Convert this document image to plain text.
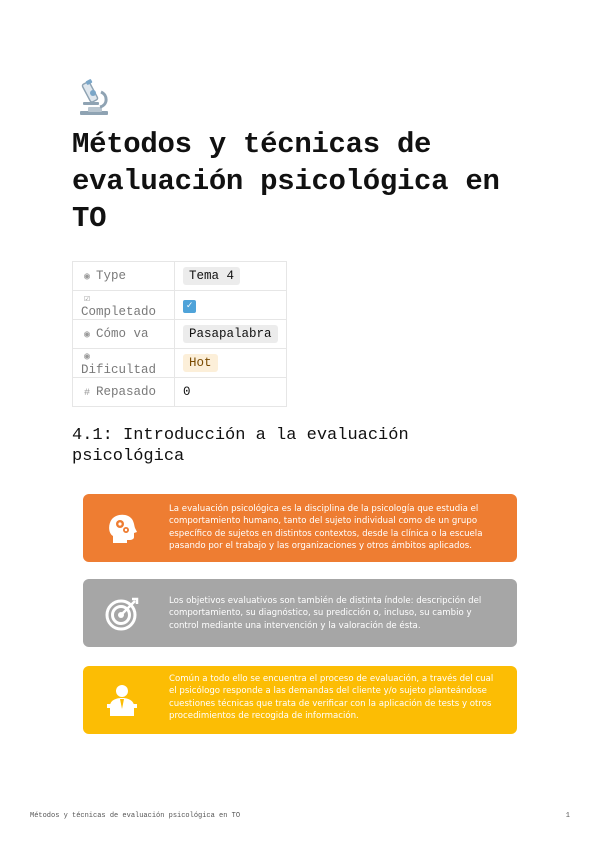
Métodos y técnicas de evaluación psicológica en TO
◉ Type	Tema 4
☑Completado	✓
◉ Cómo va	Pasapalabra
◉Dificultad	Hot
# Repasado	0
4.1: Introducción a la evaluación psicológica
La evaluación psicológica es la disciplina de la psicología que estudia el comportamiento humano, tanto del sujeto individual como de un grupo específico de sujetos en distintos contextos, desde la clínica o la escuela pasando por el trabajo y las organizaciones y otros ámbitos aplicados.
Los objetivos evaluativos son también de distinta índole: descripción del comportamiento, su diagnóstico, su predicción o, incluso, su cambio y control mediante una intervención y la valoración de ésta.
Común a todo ello se encuentra el proceso de evaluación, a través del cual el psicólogo responde a las demandas del cliente y/o sujeto planteándose cuestiones técnicas que trata de verificar con la aplicación de tests y otros procedimientos de recogida de información.
Métodos y técnicas de evaluación psicológica en TO	1
